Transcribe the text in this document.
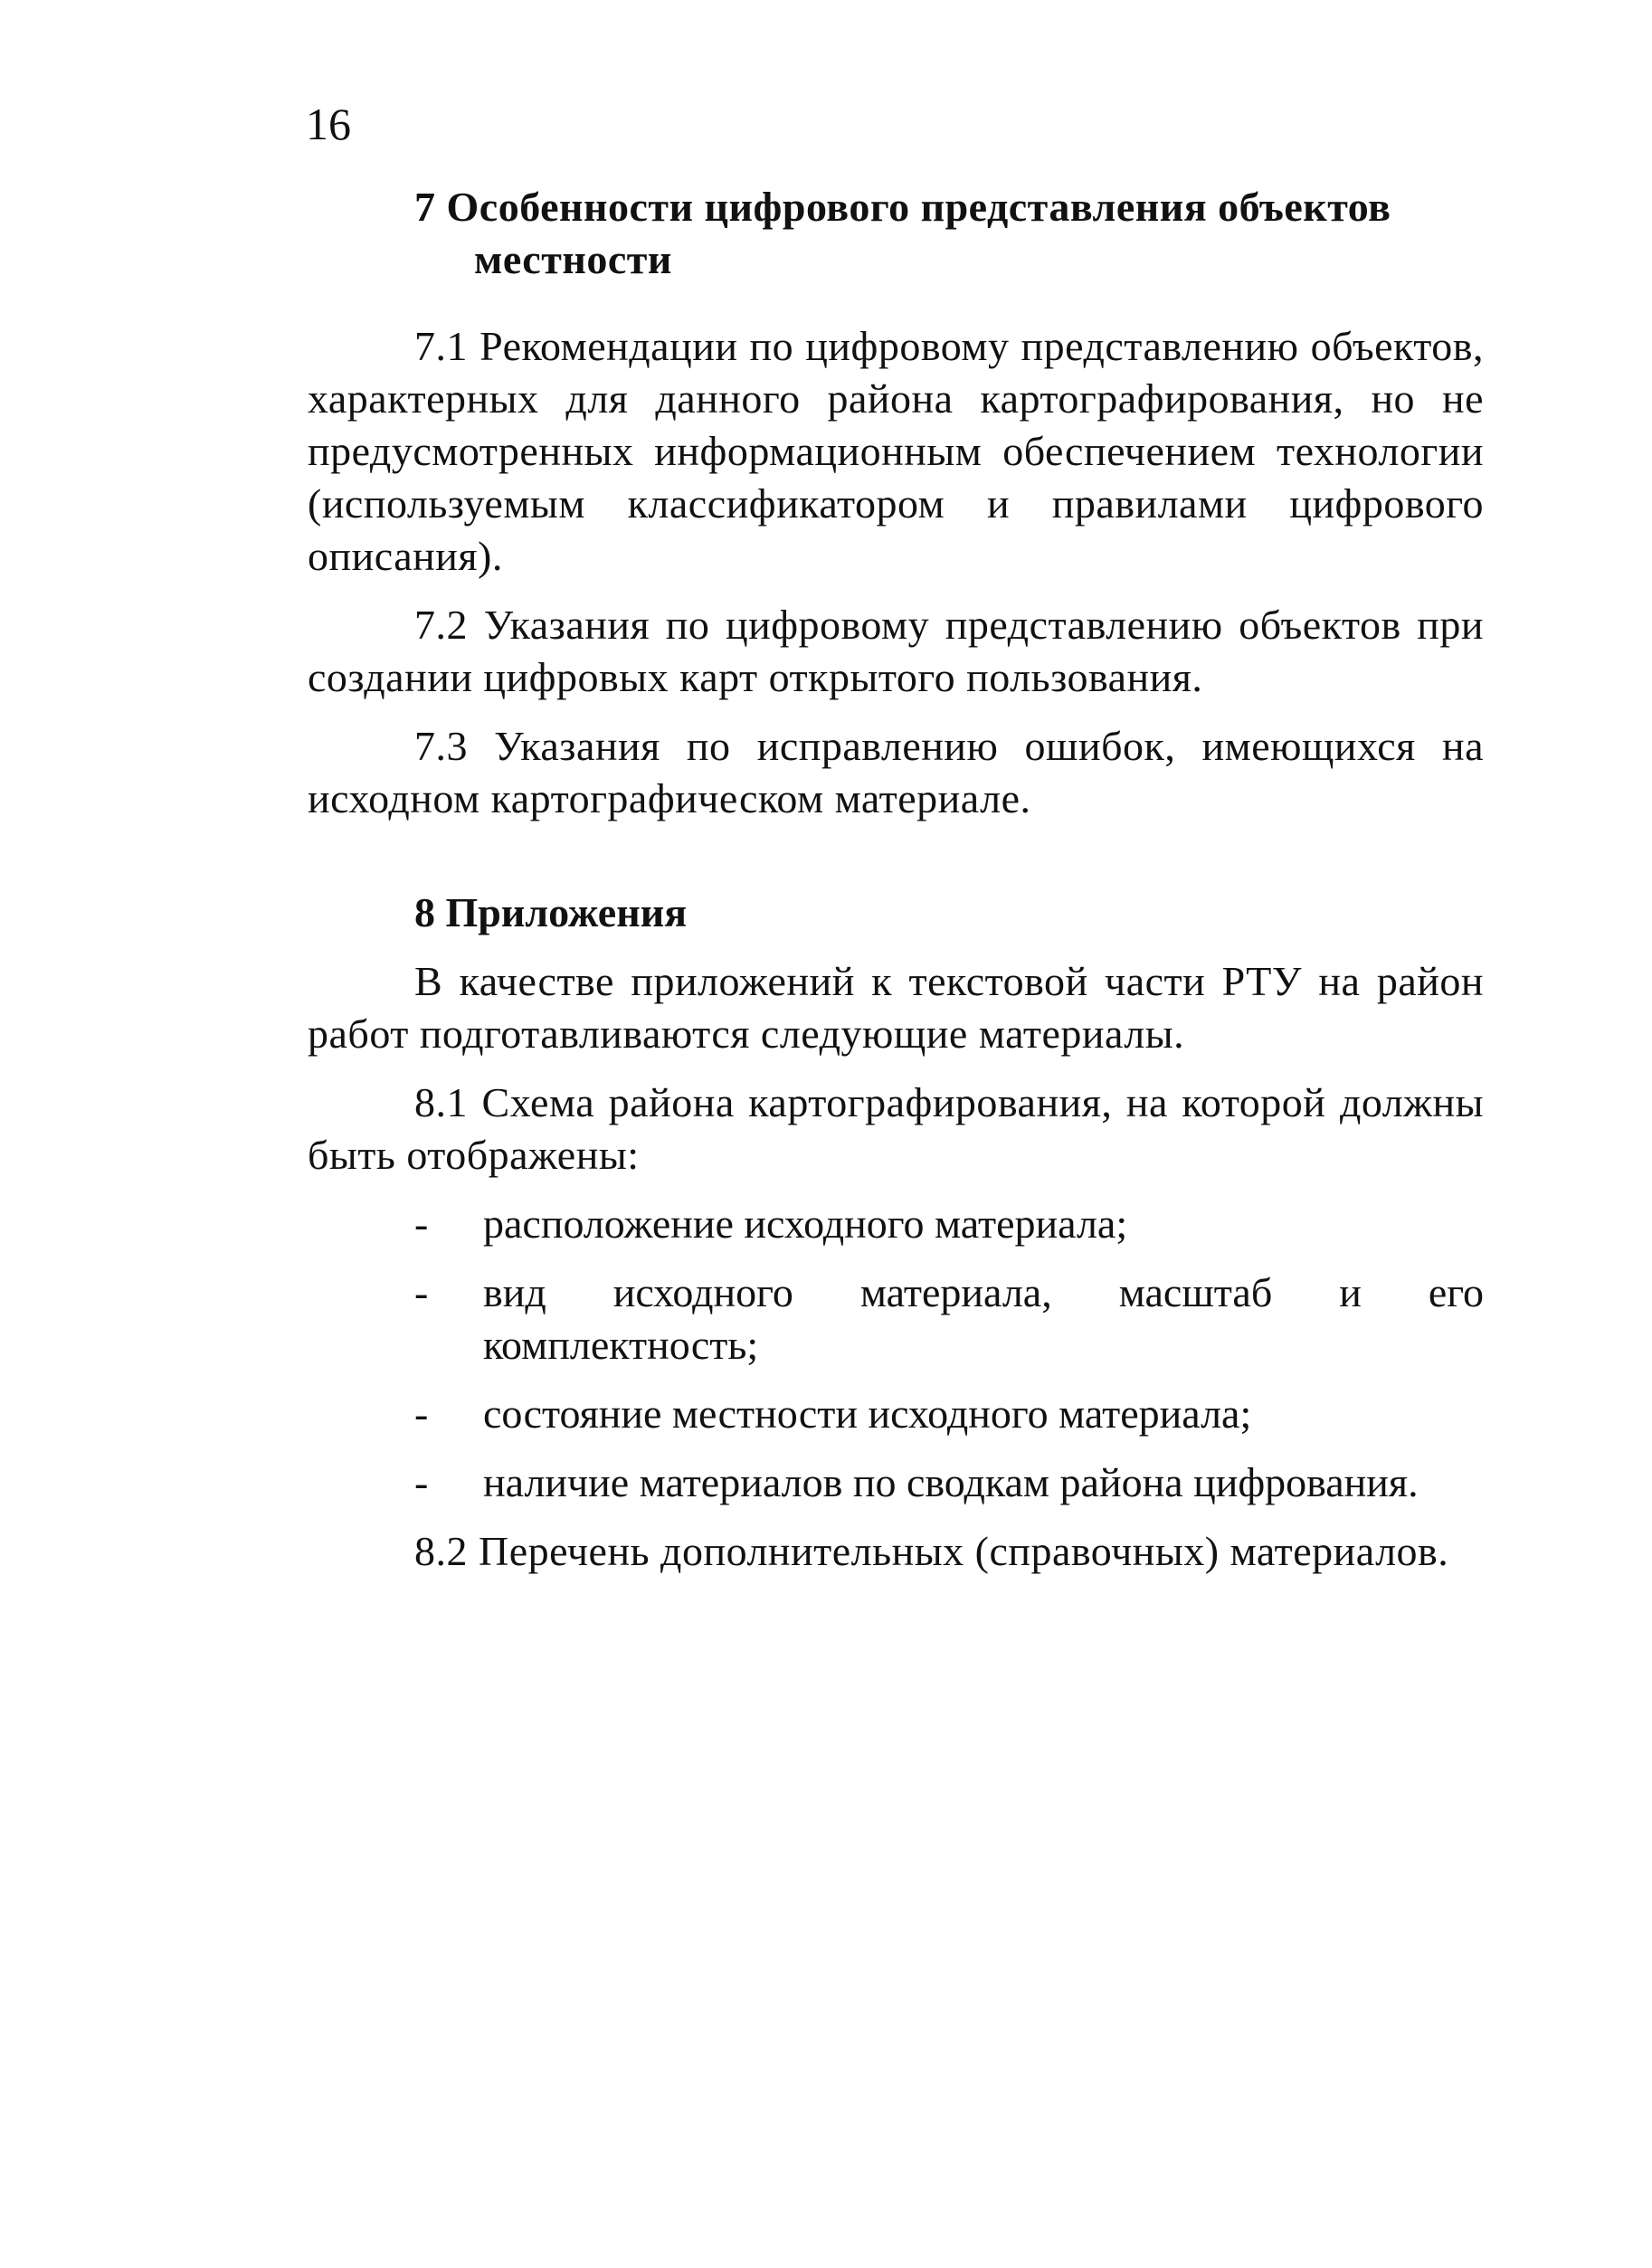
16
7 Особенности цифрового представления объектов местности

7.1 Рекомендации по цифровому представлению объектов, характерных для данного района картографирования, но не предусмотренных информационным обеспечением технологии (используемым классификатором и правилами цифрового описания).

7.2 Указания по цифровому представлению объектов при создании цифровых карт открытого пользования.

7.3 Указания по исправлению ошибок, имеющихся на исходном картографическом материале.

8 Приложения

В качестве приложений к текстовой части РТУ на район работ подготавливаются следующие материалы.

8.1 Схема района картографирования, на которой должны быть отображены:

- расположение исходного материала;
- вид исходного материала, масштаб и его комплектность;
- состояние местности исходного материала;
- наличие материалов по сводкам района цифрования.

8.2 Перечень дополнительных (справочных) материалов.
